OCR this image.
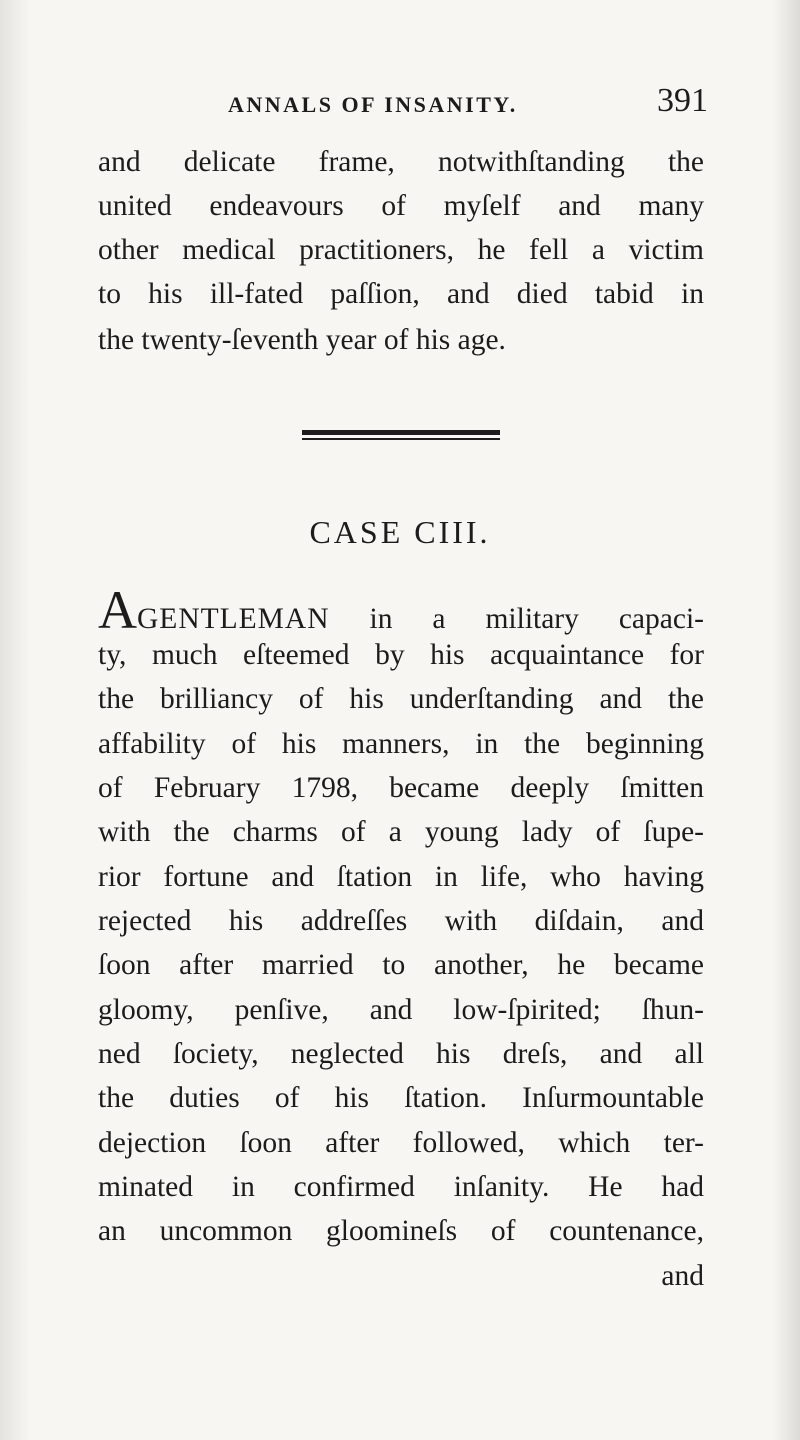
ANNALS OF INSANITY.	391
and delicate frame, notwithſtanding the
united endeavours of myſelf and many
other medical practitioners, he fell a victim
to his ill-fated paſſion, and died tabid in
the twenty-ſeventh year of his age.
CASE CIII.
AGENTLEMAN in a military capaci-
ty, much eſteemed by his acquaintance for
the brilliancy of his underſtanding and the
affability of his manners, in the beginning
of February 1798, became deeply ſmitten
with the charms of a young lady of ſupe-
rior fortune and ſtation in life, who having
rejected his addreſſes with diſdain, and
ſoon after married to another, he became
gloomy, penſive, and low-ſpirited; ſhun-
ned ſociety, neglected his dreſs, and all
the duties of his ſtation. Inſurmountable
dejection ſoon after followed, which ter-
minated in confirmed inſanity. He had
an uncommon gloomineſs of countenance,
and
